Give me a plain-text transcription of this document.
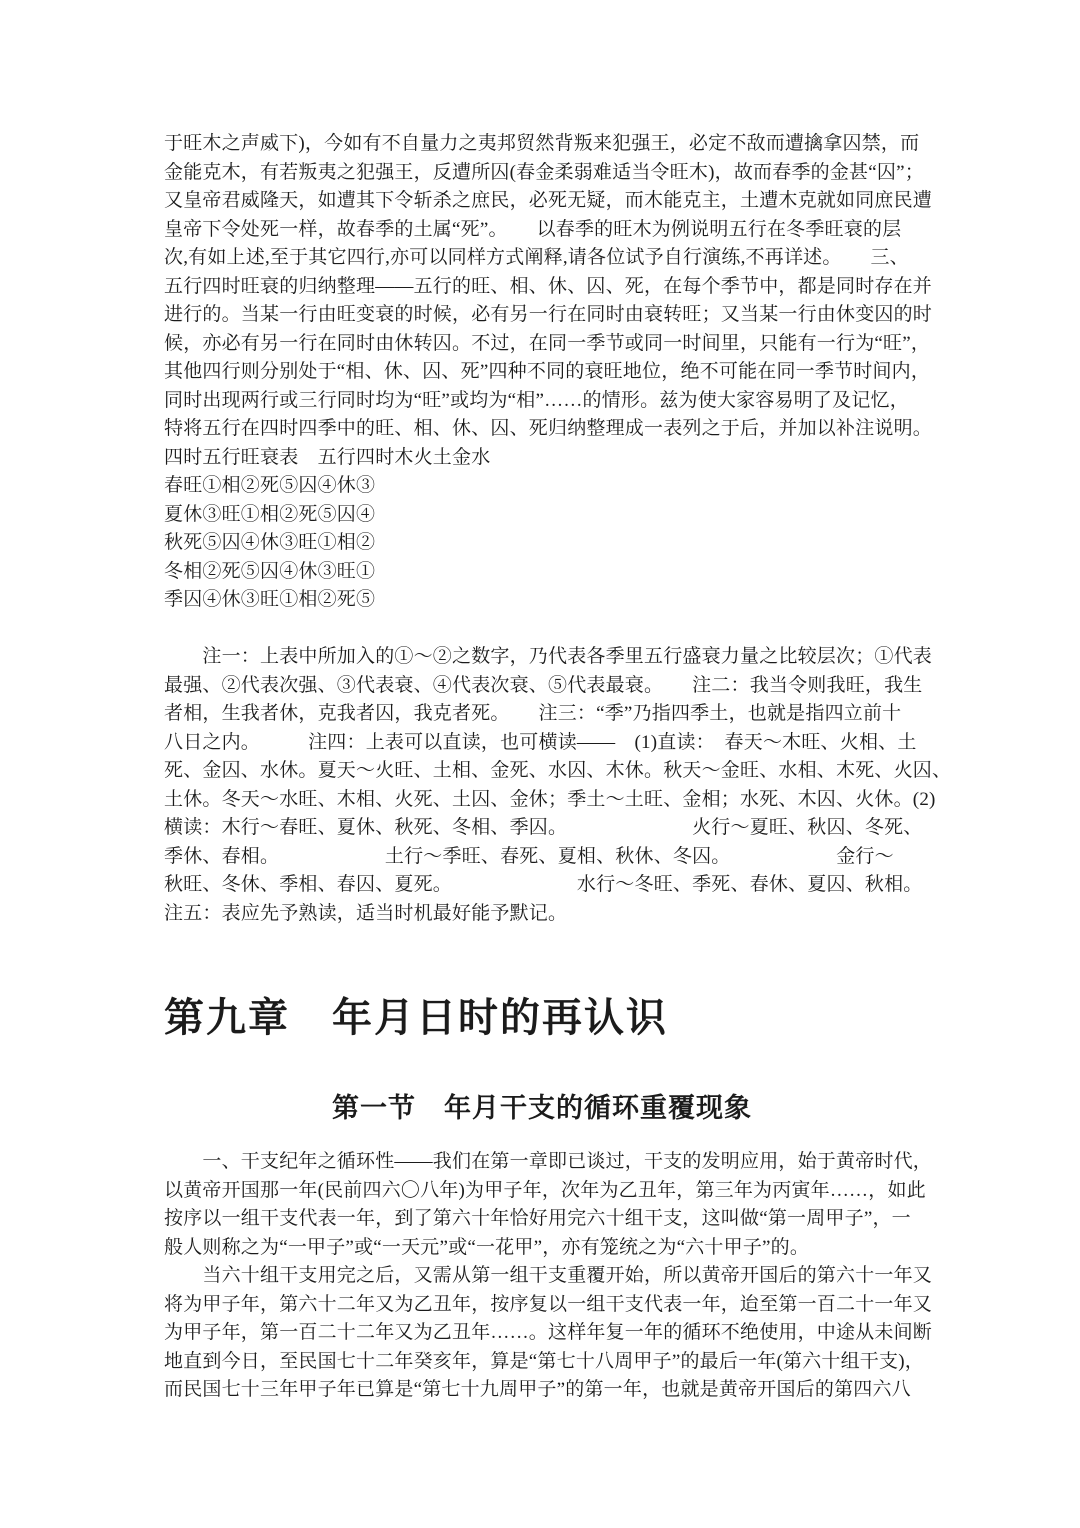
于旺木之声威下)，今如有不自量力之夷邦贸然背叛来犯强王，必定不敌而遭擒拿囚禁，而
金能克木，有若叛夷之犯强王，反遭所囚(春金柔弱难适当令旺木)，故而春季的金甚“囚”；
又皇帝君威隆天，如遭其下令斩杀之庶民，必死无疑，而木能克主，土遭木克就如同庶民遭
皇帝下令处死一样，故春季的土属“死”。　　以春季的旺木为例说明五行在冬季旺衰的层
次,有如上述,至于其它四行,亦可以同样方式阐释,请各位试予自行演练,不再详述。　　三、
五行四时旺衰的归纳整理——五行的旺、相、休、囚、死，在每个季节中，都是同时存在并
进行的。当某一行由旺变衰的时候，必有另一行在同时由衰转旺；又当某一行由休变囚的时
候，亦必有另一行在同时由休转囚。不过，在同一季节或同一时间里，只能有一行为“旺”，
其他四行则分别处于“相、休、囚、死”四种不同的衰旺地位，绝不可能在同一季节时间内，
同时出现两行或三行同时均为“旺”或均为“相”……的情形。兹为使大家容易明了及记忆，
特将五行在四时四季中的旺、相、休、囚、死归纳整理成一表列之于后，并加以补注说明。
四时五行旺衰表　五行四时木火土金水
春旺①相②死⑤囚④休③
夏休③旺①相②死⑤囚④
秋死⑤囚④休③旺①相②
冬相②死⑤囚④休③旺①
季囚④休③旺①相②死⑤
　　注一：上表中所加入的①～②之数字，乃代表各季里五行盛衰力量之比较层次；①代表
最强、②代表次强、③代表衰、④代表次衰、⑤代表最衰。　　注二：我当令则我旺，我生
者相，生我者休，克我者囚，我克者死。　　注三：“季”乃指四季土，也就是指四立前十
八日之内。　　　注四：上表可以直读，也可横读——　(1)直读：　春天～木旺、火相、土
死、金囚、水休。夏天～火旺、土相、金死、水囚、木休。秋天～金旺、水相、木死、火囚、
土休。冬天～水旺、木相、火死、土囚、金休；季土～土旺、金相；水死、木囚、火休。(2)
横读：木行～春旺、夏休、秋死、冬相、季囚。　　　　　　　火行～夏旺、秋囚、冬死、
季休、春相。　　　　　　土行～季旺、春死、夏相、秋休、冬囚。　　　　　　金行～
秋旺、冬休、季相、春囚、夏死。　　　　　　　水行～冬旺、季死、春休、夏囚、秋相。
注五：表应先予熟读，适当时机最好能予默记。
第九章　年月日时的再认识
第一节　年月干支的循环重覆现象
　　一、干支纪年之循环性——我们在第一章即已谈过，干支的发明应用，始于黄帝时代，
以黄帝开国那一年(民前四六〇八年)为甲子年，次年为乙丑年，第三年为丙寅年……，如此
按序以一组干支代表一年，到了第六十年恰好用完六十组干支，这叫做“第一周甲子”，一
般人则称之为“一甲子”或“一天元”或“一花甲”，亦有笼统之为“六十甲子”的。
　　当六十组干支用完之后，又需从第一组干支重覆开始，所以黄帝开国后的第六十一年又
将为甲子年，第六十二年又为乙丑年，按序复以一组干支代表一年，迨至第一百二十一年又
为甲子年，第一百二十二年又为乙丑年……。这样年复一年的循环不绝使用，中途从未间断
地直到今日，至民国七十二年癸亥年，算是“第七十八周甲子”的最后一年(第六十组干支)，
而民国七十三年甲子年已算是“第七十九周甲子”的第一年，也就是黄帝开国后的第四六八
